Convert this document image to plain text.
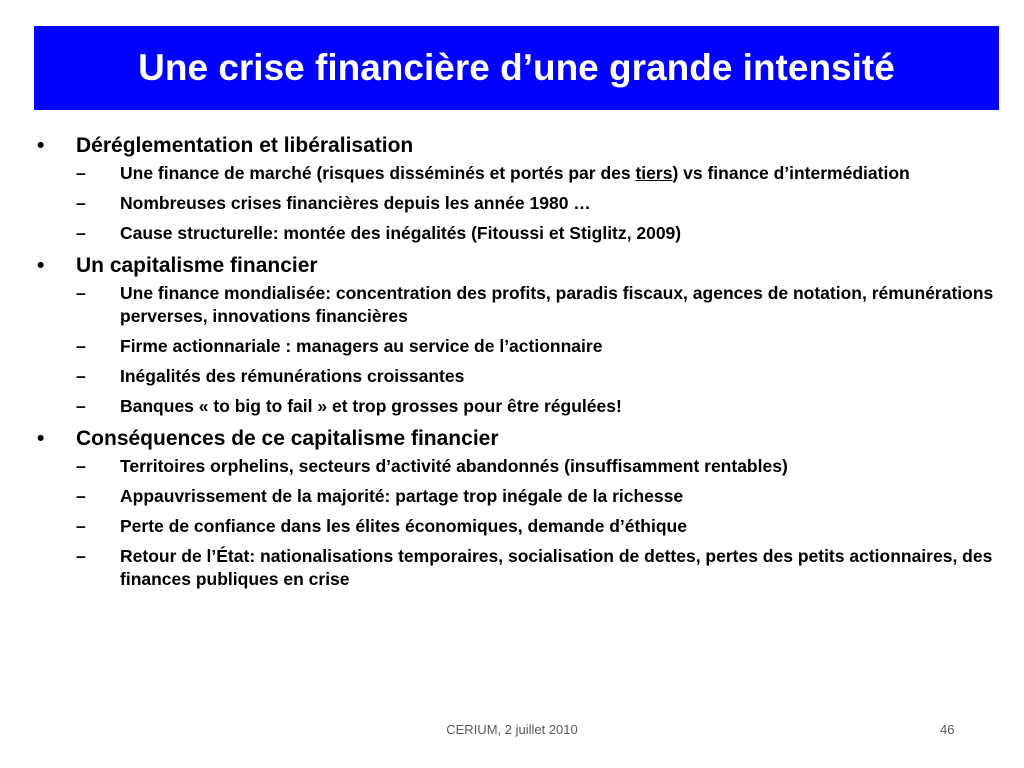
Une crise financière d’une grande intensité
• Déréglementation et libéralisation
– Une finance de marché (risques disséminés et portés par des tiers) vs finance d’intermédiation
– Nombreuses crises financières depuis les année 1980 …
– Cause structurelle: montée des inégalités (Fitoussi et Stiglitz, 2009)
• Un capitalisme financier
– Une finance mondialisée: concentration des profits, paradis fiscaux, agences de notation, rémunérations perverses, innovations financières
– Firme actionnariale : managers au service de l’actionnaire
– Inégalités des rémunérations croissantes
– Banques « to big to fail » et trop grosses pour être régulées!
• Conséquences de ce capitalisme financier
– Territoires orphelins, secteurs d’activité abandonnés (insuffisamment rentables)
– Appauvrissement de la majorité: partage trop inégale de la richesse
– Perte de confiance dans les élites économiques, demande d’éthique
– Retour de l’État: nationalisations temporaires, socialisation de dettes, pertes des petits actionnaires, des finances publiques en crise
CERIUM, 2 juillet 2010	46
